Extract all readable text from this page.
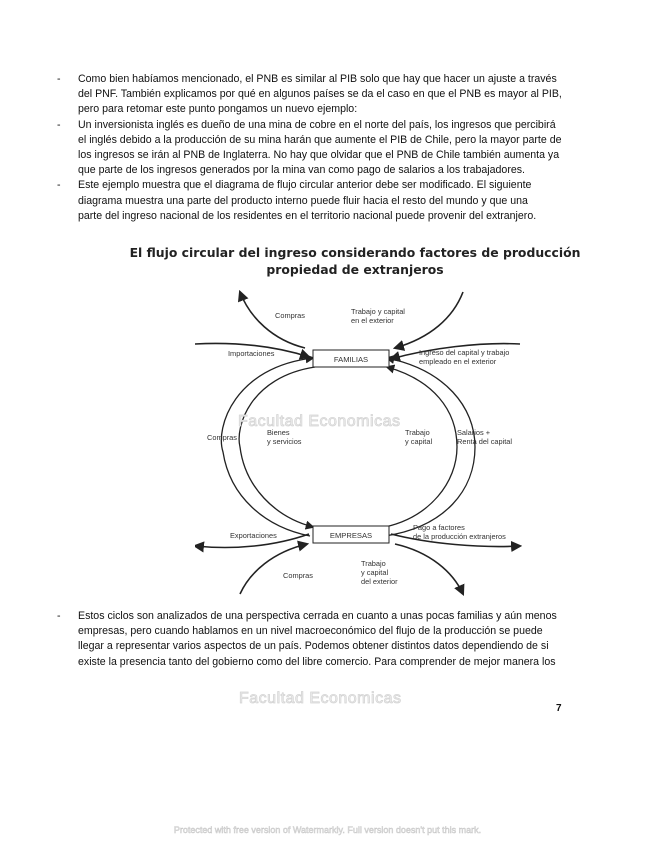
- Como bien habíamos mencionado, el PNB es similar al PIB solo que hay que hacer un ajuste a través
del PNF. También explicamos por qué en algunos países se da el caso en que el PNB es mayor al PIB,
pero para retomar este punto pongamos un nuevo ejemplo:
- Un inversionista inglés es dueño de una mina de cobre en el norte del país, los ingresos que percibirá
el inglés debido a la producción de su mina harán que aumente el PIB de Chile, pero la mayor parte de
los ingresos se irán al PNB de Inglaterra. No hay que olvidar que el PNB de Chile también aumenta ya
que parte de los ingresos generados por la mina van como pago de salarios a los trabajadores.
- Este ejemplo muestra que el diagrama de flujo circular anterior debe ser modificado. El siguiente
diagrama muestra una parte del producto interno puede fluir hacia el resto del mundo y que una
parte del ingreso nacional de los residentes en el territorio nacional puede provenir del extranjero.
El flujo circular del ingreso considerando factores de producción
propiedad de extranjeros
FAMILIAS
EMPRESAS
Compras	Trabajo y capital en el exterior
Importaciones	Ingreso del capital y trabajo empleado en el exterior
Compras
Bienes y servicios
Trabajo y capital
Salarios + Renta del capital
Exportaciones
Pago a factores de la producción extranjeros
Compras
Trabajo y capital del exterior
Facultad Economicas
- Estos ciclos son analizados de una perspectiva cerrada en cuanto a unas pocas familias y aún menos
empresas, pero cuando hablamos en un nivel macroeconómico del flujo de la producción se puede
llegar a representar varios aspectos de un país. Podemos obtener distintos datos dependiendo de si
existe la presencia tanto del gobierno como del libre comercio. Para comprender de mejor manera los
Facultad Economicas
7
Protected with free version of Watermarkly. Full version doesn't put this mark.
